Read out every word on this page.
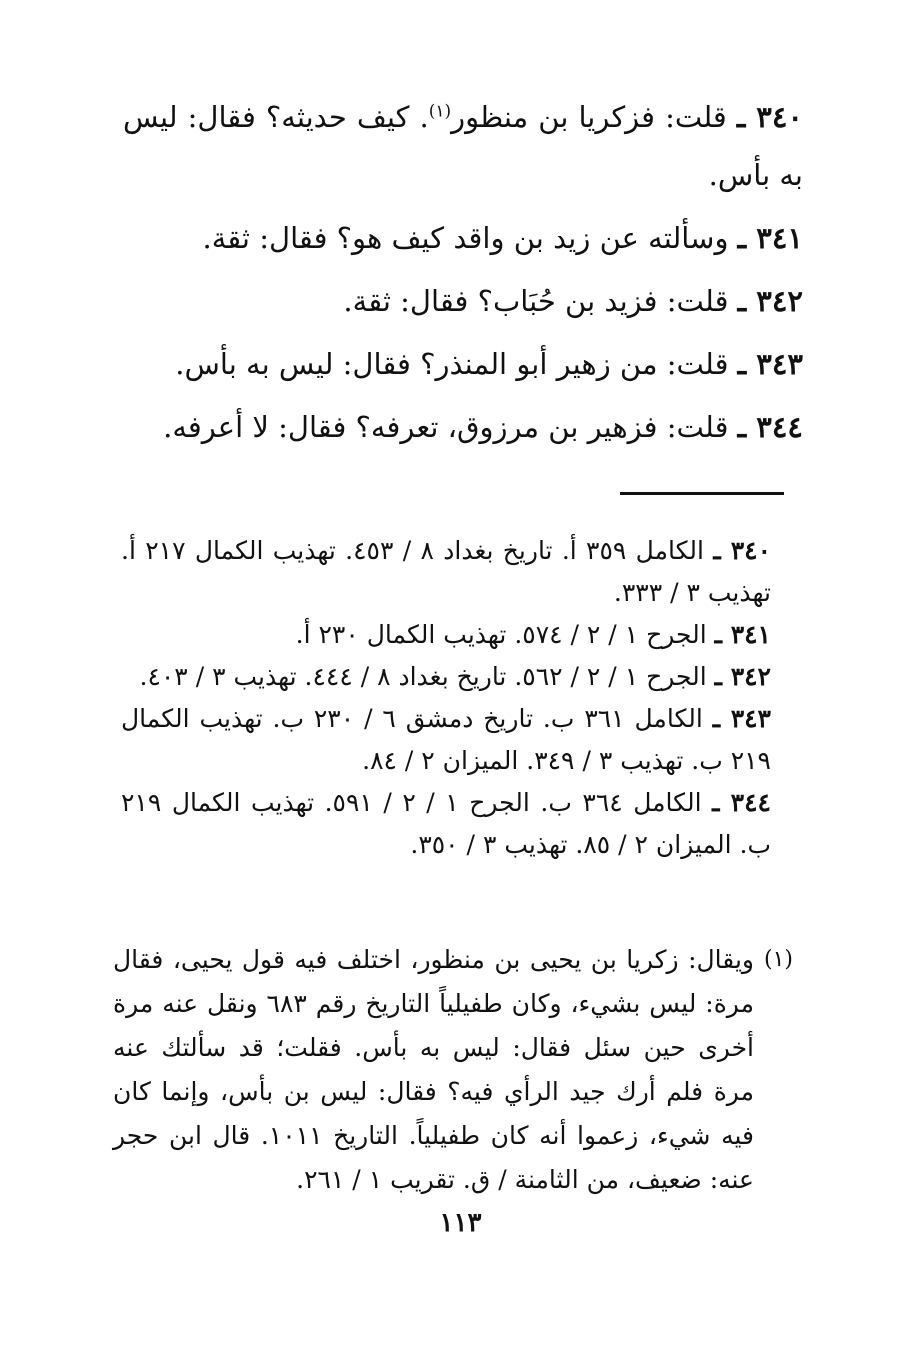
٣٤٠ ـ قلت: فزكريا بن منظور$^{(١)}$. كيف حديثه؟ فقال: ليس به بأس.

٣٤١ ـ وسألته عن زيد بن واقد كيف هو؟ فقال: ثقة.

٣٤٢ ـ قلت: فزيد بن حُبَاب؟ فقال: ثقة.

٣٤٣ ـ قلت: من زهير أبو المنذر؟ فقال: ليس به بأس.

٣٤٤ ـ قلت: فزهير بن مرزوق، تعرفه؟ فقال: لا أعرفه.

٣٤٠ ـ الكامل ٣٥٩ أ. تاريخ بغداد ٨ / ٤٥٣. تهذيب الكمال ٢١٧ أ. تهذيب ٣ / ٣٣٣.

٣٤١ ـ الجرح ١ / ٢ / ٥٧٤. تهذيب الكمال ٢٣٠ أ.

٣٤٢ ـ الجرح ١ / ٢ / ٥٦٢. تاريخ بغداد ٨ / ٤٤٤. تهذيب ٣ / ٤٠٣.

٣٤٣ ـ الكامل ٣٦١ ب. تاريخ دمشق ٦ / ٢٣٠ ب. تهذيب الكمال ٢١٩ ب. تهذيب ٣ / ٣٤٩. الميزان ٢ / ٨٤.

٣٤٤ ـ الكامل ٣٦٤ ب. الجرح ١ / ٢ / ٥٩١. تهذيب الكمال ٢١٩ ب. الميزان ٢ / ٨٥. تهذيب ٣ / ٣٥٠.

(١)
ويقال: زكريا بن يحيى بن منظور، اختلف فيه قول يحيى، فقال مرة: ليس بشيء، وكان طفيلياً التاريخ رقم ٦٨٣ ونقل عنه مرة أخرى حين سئل فقال: ليس به بأس. فقلت؛ قد سألتك عنه مرة فلم أرك جيد الرأي فيه؟ فقال: ليس بن بأس، وإنما كان فيه شيء، زعموا أنه كان طفيلياً. التاريخ ١٠١١. قال ابن حجر عنه: ضعيف، من الثامنة / ق. تقريب ١ / ٢٦١.
١١٣
